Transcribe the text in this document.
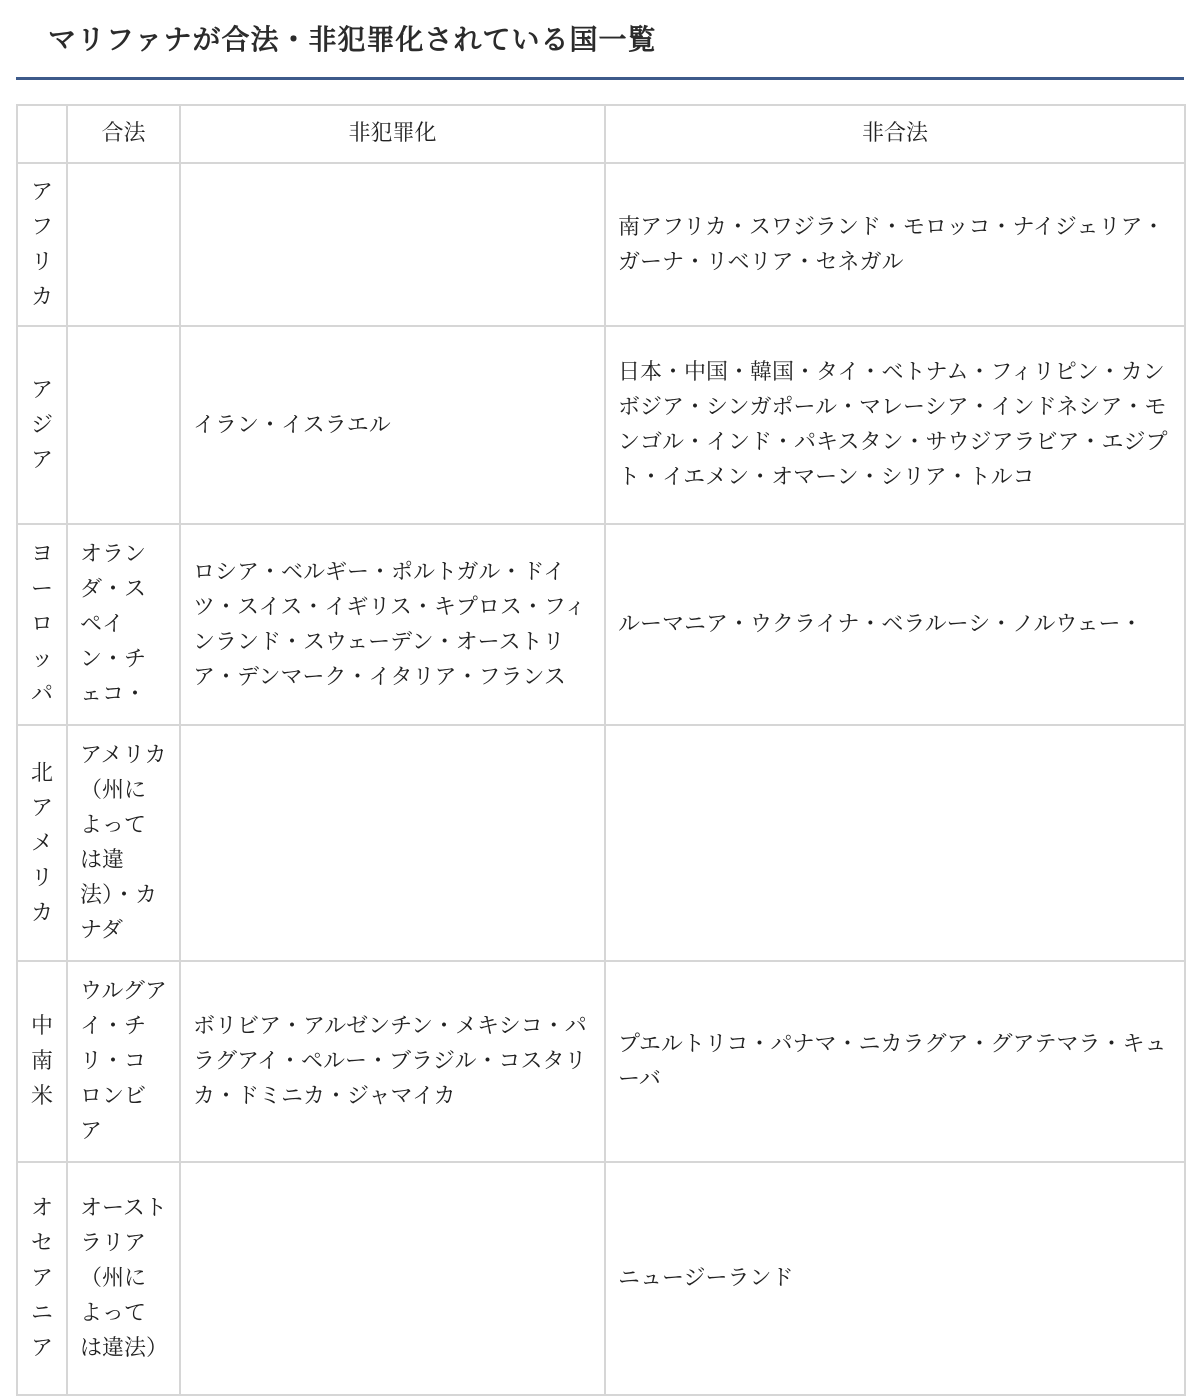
マリファナが合法・非犯罪化されている国一覧
	合法	非犯罪化	非合法
アフリカ			南アフリカ・スワジランド・モロッコ・ナイジェリア・ガーナ・リベリア・セネガル
アジア		イラン・イスラエル	日本・中国・韓国・タイ・ベトナム・フィリピン・カンボジア・シンガポール・マレーシア・インドネシア・モンゴル・インド・パキスタン・サウジアラビア・エジプト・イエメン・オマーン・シリア・トルコ
ヨーロッパ	オランダ・スペイン・チェコ・	ロシア・ベルギー・ポルトガル・ドイツ・スイス・イギリス・キプロス・フィンランド・スウェーデン・オーストリア・デンマーク・イタリア・フランス	ルーマニア・ウクライナ・ベラルーシ・ノルウェー・
北アメリカ	アメリカ（州によっては違法）・カナダ		
中南米	ウルグアイ・チリ・コロンビア	ボリビア・アルゼンチン・メキシコ・パラグアイ・ペルー・ブラジル・コスタリカ・ドミニカ・ジャマイカ	プエルトリコ・パナマ・ニカラグア・グアテマラ・キューバ
オセアニア	オーストラリア（州によっては違法）		ニュージーランド
